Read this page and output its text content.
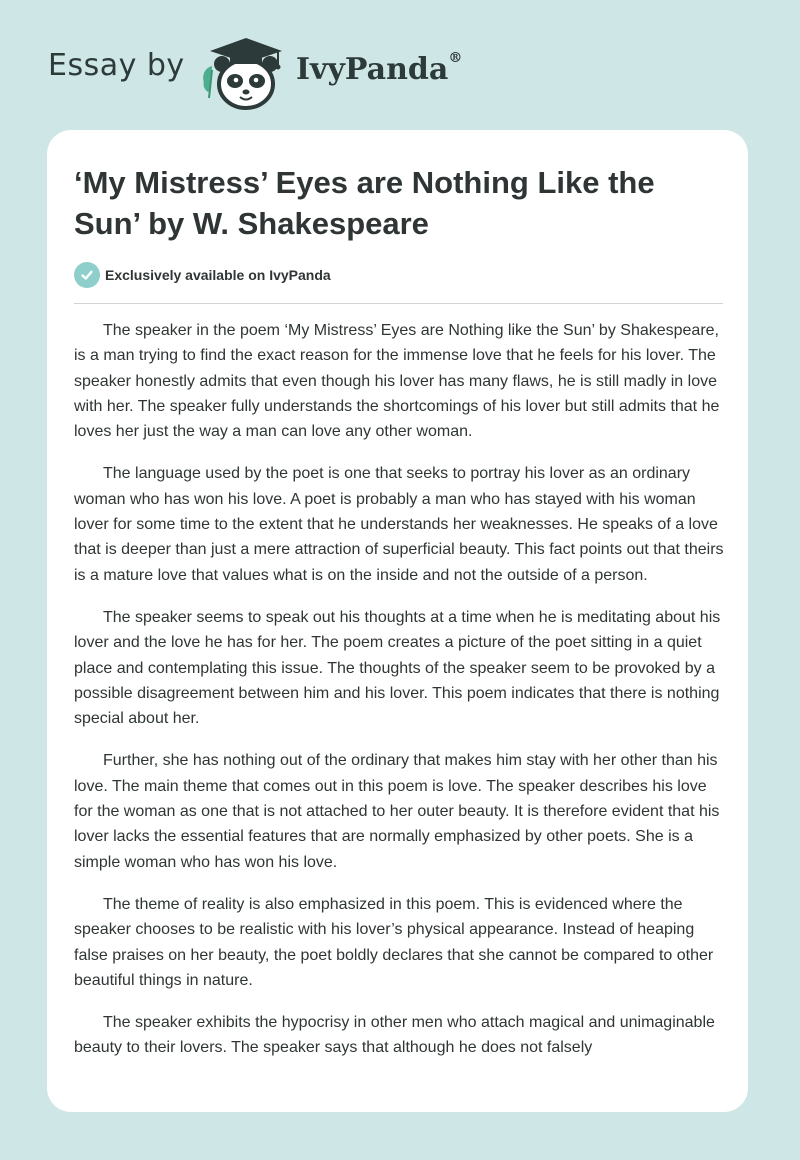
Essay by	IvyPanda®
‘My Mistress’ Eyes are Nothing Like the Sun’ by W. Shakespeare
Exclusively available on IvyPanda

The speaker in the poem ‘My Mistress’ Eyes are Nothing like the Sun’ by Shakespeare, is a man trying to find the exact reason for the immense love that he feels for his lover. The speaker honestly admits that even though his lover has many flaws, he is still madly in love with her. The speaker fully understands the shortcomings of his lover but still admits that he loves her just the way a man can love any other woman.

The language used by the poet is one that seeks to portray his lover as an ordinary woman who has won his love. A poet is probably a man who has stayed with his woman lover for some time to the extent that he understands her weaknesses. He speaks of a love that is deeper than just a mere attraction of superficial beauty. This fact points out that theirs is a mature love that values what is on the inside and not the outside of a person.

The speaker seems to speak out his thoughts at a time when he is meditating about his lover and the love he has for her. The poem creates a picture of the poet sitting in a quiet place and contemplating this issue. The thoughts of the speaker seem to be provoked by a possible disagreement between him and his lover. This poem indicates that there is nothing special about her.

Further, she has nothing out of the ordinary that makes him stay with her other than his love. The main theme that comes out in this poem is love. The speaker describes his love for the woman as one that is not attached to her outer beauty. It is therefore evident that his lover lacks the essential features that are normally emphasized by other poets. She is a simple woman who has won his love.

The theme of reality is also emphasized in this poem. This is evidenced where the speaker chooses to be realistic with his lover’s physical appearance. Instead of heaping false praises on her beauty, the poet boldly declares that she cannot be compared to other beautiful things in nature.

The speaker exhibits the hypocrisy in other men who attach magical and unimaginable beauty to their lovers. The speaker says that although he does not falsely
